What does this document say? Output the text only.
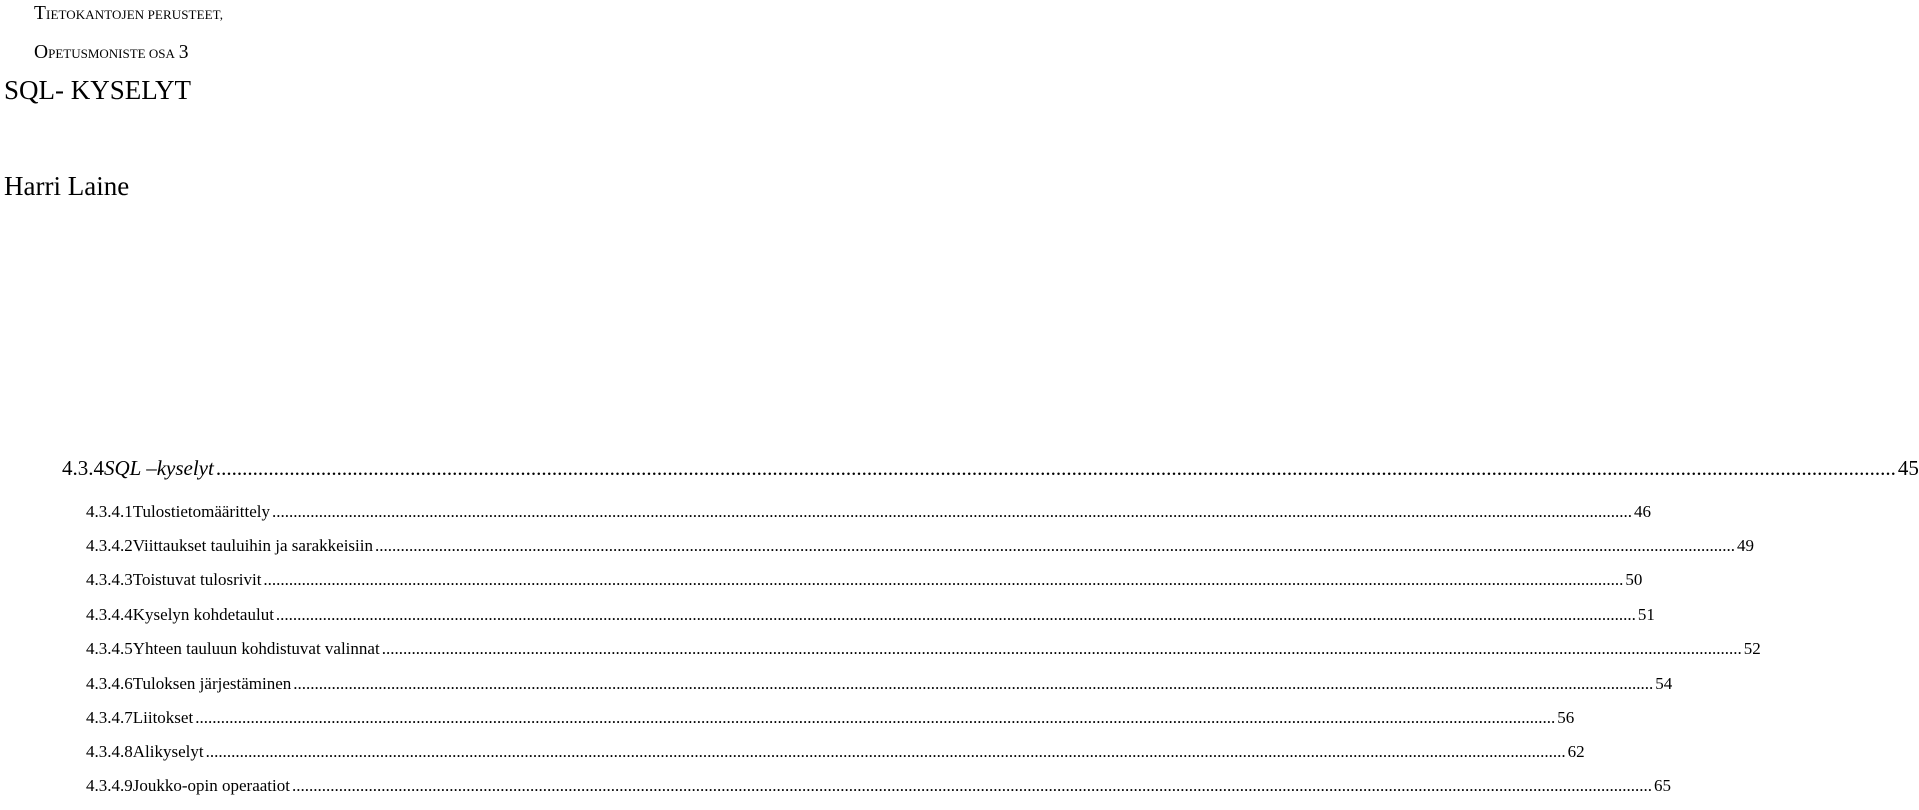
TIETOKANTOJEN PERUSTEET,
OPETUSMONISTE OSA 3
SQL- KYSELYT
Harri Laine
4.3.4 SQL –kyselyt .....	45
4.3.4.1 Tulostietomäärittely .....	46
4.3.4.2 Viittaukset tauluihin ja sarakkeisiin .....	49
4.3.4.3 Toistuvat tulosrivit .....	50
4.3.4.4 Kyselyn kohdetaulut .....	51
4.3.4.5 Yhteen tauluun kohdistuvat valinnat .....	52
4.3.4.6 Tuloksen järjestäminen .....	54
4.3.4.7 Liitokset .....	56
4.3.4.8 Alikyselyt .....	62
4.3.4.9 Joukko-opin operaatiot .....	65
